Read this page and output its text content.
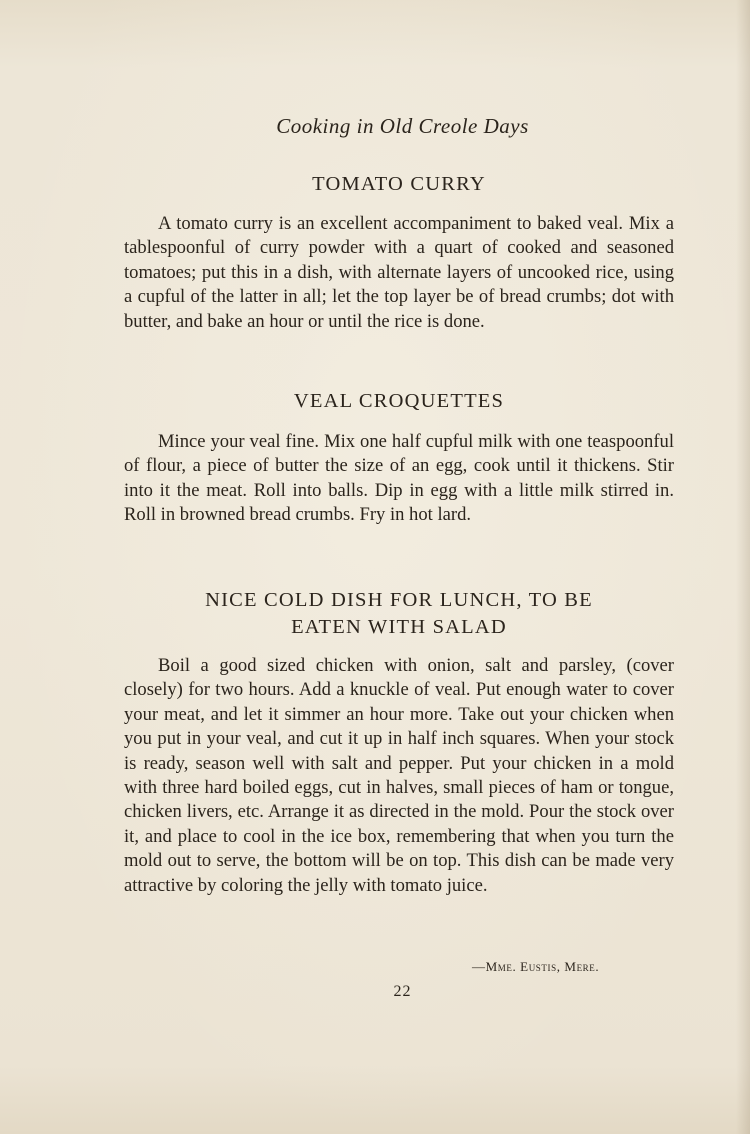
Cooking in Old Creole Days
TOMATO CURRY

A tomato curry is an excellent accompaniment to baked veal. Mix a tablespoonful of curry powder with a quart of cooked and seasoned tomatoes; put this in a dish, with alternate layers of uncooked rice, using a cupful of the latter in all; let the top layer be of bread crumbs; dot with butter, and bake an hour or until the rice is done.

VEAL CROQUETTES

Mince your veal fine. Mix one half cupful milk with one teaspoonful of flour, a piece of butter the size of an egg, cook until it thickens. Stir into it the meat. Roll into balls. Dip in egg with a little milk stirred in. Roll in browned bread crumbs. Fry in hot lard.

NICE COLD DISH FOR LUNCH, TO BE
EATEN WITH SALAD

Boil a good sized chicken with onion, salt and parsley, (cover closely) for two hours. Add a knuckle of veal. Put enough water to cover your meat, and let it simmer an hour more. Take out your chicken when you put in your veal, and cut it up in half inch squares. When your stock is ready, season well with salt and pepper. Put your chicken in a mold with three hard boiled eggs, cut in halves, small pieces of ham or tongue, chicken livers, etc. Arrange it as directed in the mold. Pour the stock over it, and place to cool in the ice box, remembering that when you turn the mold out to serve, the bottom will be on top. This dish can be made very attractive by coloring the jelly with tomato juice.

—Mme. Eustis, Mere.
22
